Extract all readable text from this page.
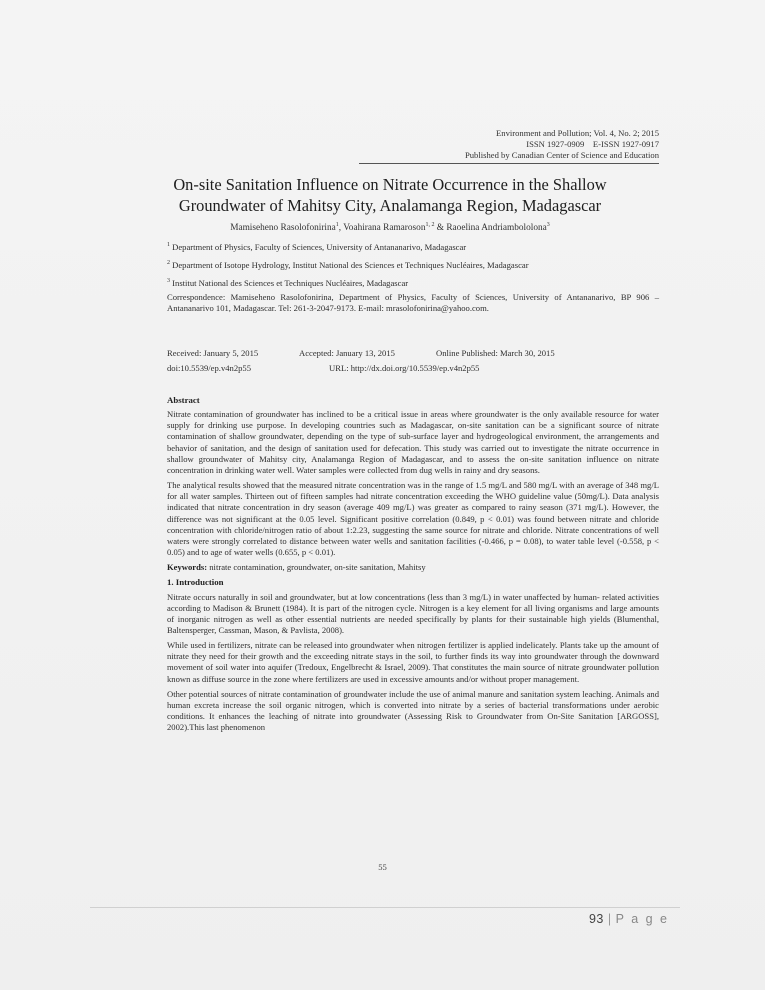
Environment and Pollution; Vol. 4, No. 2; 2015
ISSN 1927-0909    E-ISSN 1927-0917
Published by Canadian Center of Science and Education
On-site Sanitation Influence on Nitrate Occurrence in the Shallow Groundwater of Mahitsy City, Analamanga Region, Madagascar
Mamiseheno Rasolofonirina$^1$, Voahirana Ramaroson$^{1, 2}$ & Raoelina Andriambololona$^3$
$^1$ Department of Physics, Faculty of Sciences, University of Antananarivo, Madagascar
$^2$ Department of Isotope Hydrology, Institut National des Sciences et Techniques Nucléaires, Madagascar
$^3$ Institut National des Sciences et Techniques Nucléaires, Madagascar
Correspondence: Mamiseheno Rasolofonirina, Department of Physics, Faculty of Sciences, University of Antananarivo, BP 906 –Antananarivo 101, Madagascar. Tel: 261-3-2047-9173. E-mail: mrasolofonirina@yahoo.com.
Received: January 5, 2015	Accepted: January 13, 2015	Online Published: March 30, 2015
doi:10.5539/ep.v4n2p55	URL: http://dx.doi.org/10.5539/ep.v4n2p55
Abstract

Nitrate contamination of groundwater has inclined to be a critical issue in areas where groundwater is the only available resource for water supply for drinking use purpose. In developing countries such as Madagascar, on-site sanitation can be a significant source of nitrate contamination of shallow groundwater, depending on the type of sub-surface layer and hydrogeological environment, the arrangements and behavior of sanitation, and the design of sanitation used for defecation. This study was carried out to investigate the nitrate occurrence in shallow groundwater of Mahitsy city, Analamanga Region of Madagascar, and to assess the on-site sanitation influence on nitrate concentration in drinking water well. Water samples were collected from dug wells in rainy and dry seasons.

The analytical results showed that the measured nitrate concentration was in the range of 1.5 mg/L and 580 mg/L with an average of 348 mg/L for all water samples. Thirteen out of fifteen samples had nitrate concentration exceeding the WHO guideline value (50mg/L). Data analysis indicated that nitrate concentration in dry season (average 409 mg/L) was greater as compared to rainy season (371 mg/L). However, the difference was not significant at the 0.05 level. Significant positive correlation (0.849, p < 0.01) was found between nitrate and chloride concentration with chloride/nitrogen ratio of about 1:2.23, suggesting the same source for nitrate and chloride. Nitrate concentrations of well waters were strongly correlated to distance between water wells and sanitation facilities (-0.466, p = 0.08), to water table level (-0.558, p < 0.05) and to age of water wells (0.655, p < 0.01).

Keywords: nitrate contamination, groundwater, on-site sanitation, Mahitsy

1. Introduction

Nitrate occurs naturally in soil and groundwater, but at low concentrations (less than 3 mg/L) in water unaffected by human- related activities according to Madison & Brunett (1984). It is part of the nitrogen cycle. Nitrogen is a key element for all living organisms and large amounts of inorganic nitrogen as well as other essential nutrients are needed specifically by plants for their sustainable high yields (Blumenthal, Baltensperger, Cassman, Mason, & Pavlista, 2008).

While used in fertilizers, nitrate can be released into groundwater when nitrogen fertilizer is applied indelicately. Plants take up the amount of nitrate they need for their growth and the exceeding nitrate stays in the soil, to further finds its way into groundwater through the downward movement of soil water into aquifer (Tredoux, Engelbrecht & Israel, 2009). That constitutes the main source of nitrate groundwater pollution known as diffuse source in the zone where fertilizers are used in excessive amounts and/or without proper management.

Other potential sources of nitrate contamination of groundwater include the use of animal manure and sanitation system leaching. Animals and human excreta increase the soil organic nitrogen, which is converted into nitrate by a series of bacterial transformations under aerobic conditions. It enhances the leaching of nitrate into groundwater (Assessing Risk to Groundwater from On-Site Sanitation [ARGOSS], 2002).This last phenomenon

55
93 | P a g e
